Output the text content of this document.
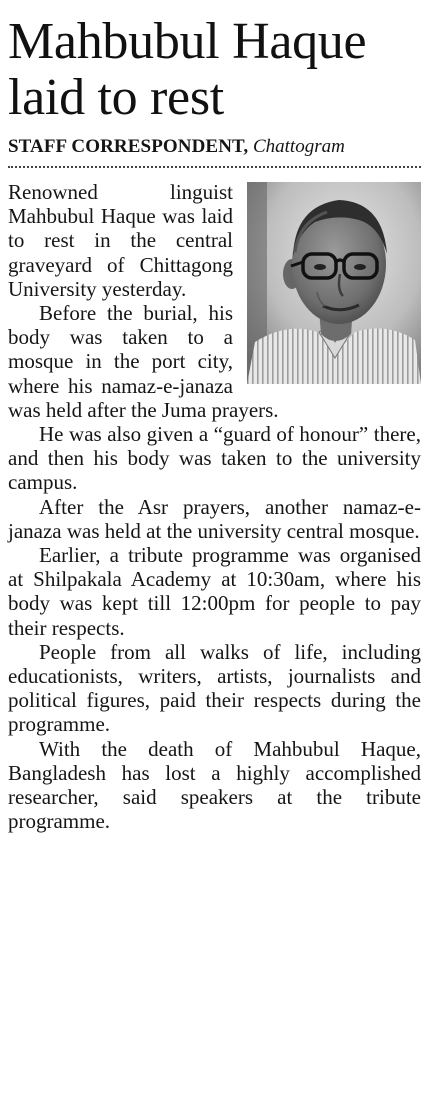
Mahbubul Haque laid to rest
STAFF CORRESPONDENT, Chattogram

Renowned linguist Mahbubul Haque was laid to rest in the central graveyard of Chittagong University yesterday.

Before the burial, his body was taken to a mosque in the port city, where his namaz-e-janaza was held after the Juma prayers.

He was also given a “guard of honour” there, and then his body was taken to the university campus.

After the Asr prayers, another namaz-e-janaza was held at the university central mosque.

Earlier, a tribute programme was organised at Shilpakala Academy at 10:30am, where his body was kept till 12:00pm for people to pay their respects.

People from all walks of life, including educationists, writers, artists, journalists and political figures, paid their respects during the programme.

With the death of Mahbubul Haque, Bangladesh has lost a highly accomplished researcher, said speakers at the tribute programme.
